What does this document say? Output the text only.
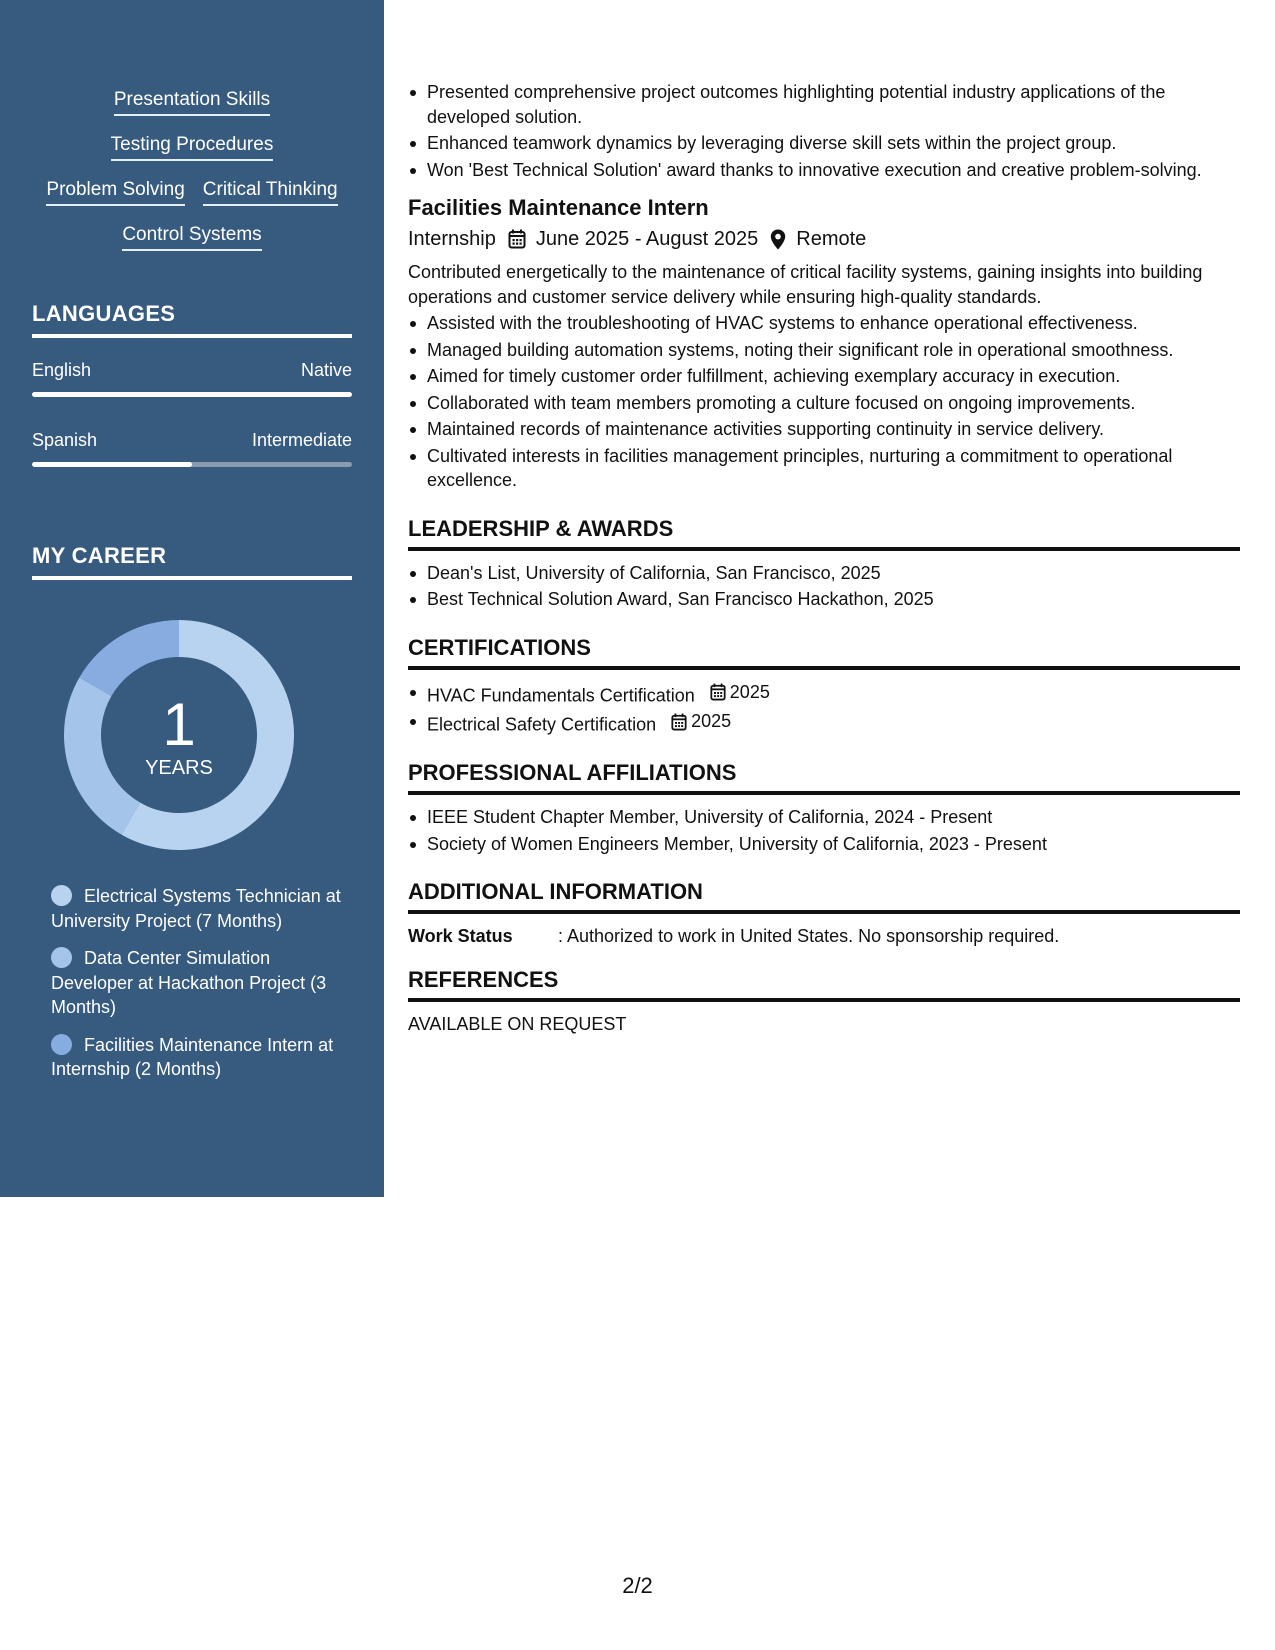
Presentation Skills
Testing Procedures
Problem Solving Critical Thinking
Control Systems
LANGUAGES
English	Native
Spanish	Intermediate
MY CAREER
1
YEARS
Electrical Systems Technician at University Project (7 Months)
Data Center Simulation Developer at Hackathon Project (3 Months)
Facilities Maintenance Intern at Internship (2 Months)
Presented comprehensive project outcomes highlighting potential industry applications of the developed solution.
Enhanced teamwork dynamics by leveraging diverse skill sets within the project group.
Won 'Best Technical Solution' award thanks to innovative execution and creative problem-solving.
Facilities Maintenance Intern
Internship June 2025 - August 2025 Remote
Contributed energetically to the maintenance of critical facility systems, gaining insights into building operations and customer service delivery while ensuring high-quality standards.
Assisted with the troubleshooting of HVAC systems to enhance operational effectiveness.
Managed building automation systems, noting their significant role in operational smoothness.
Aimed for timely customer order fulfillment, achieving exemplary accuracy in execution.
Collaborated with team members promoting a culture focused on ongoing improvements.
Maintained records of maintenance activities supporting continuity in service delivery.
Cultivated interests in facilities management principles, nurturing a commitment to operational excellence.
LEADERSHIP & AWARDS
Dean's List, University of California, San Francisco, 2025
Best Technical Solution Award, San Francisco Hackathon, 2025
CERTIFICATIONS
HVAC Fundamentals Certification 2025
Electrical Safety Certification 2025
PROFESSIONAL AFFILIATIONS
IEEE Student Chapter Member, University of California, 2024 - Present
Society of Women Engineers Member, University of California, 2023 - Present
ADDITIONAL INFORMATION
Work Status	: Authorized to work in United States. No sponsorship required.
REFERENCES
AVAILABLE ON REQUEST
2/2
